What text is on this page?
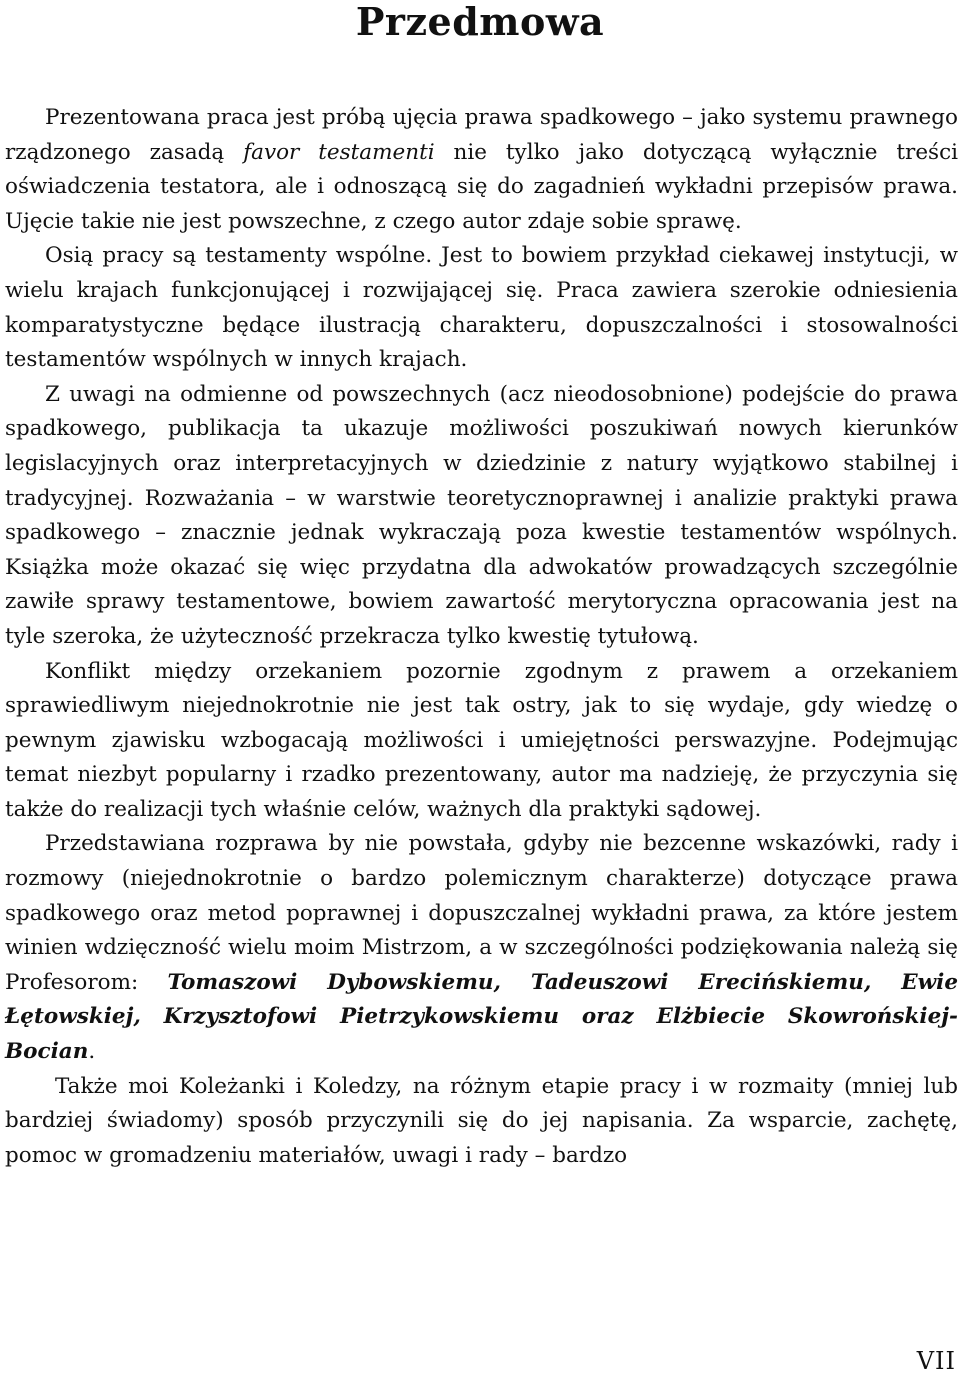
Przedmowa

Prezentowana praca jest próbą ujęcia prawa spadkowego – jako systemu prawnego rządzonego zasadą favor testamenti nie tylko jako dotyczącą wyłącznie treści oświadczenia testatora, ale i odnoszącą się do zagadnień wykładni przepisów prawa. Ujęcie takie nie jest powszechne, z czego autor zdaje sobie sprawę.

Osią pracy są testamenty wspólne. Jest to bowiem przykład ciekawej instytucji, w wielu krajach funkcjonującej i rozwijającej się. Praca zawiera szerokie odniesienia komparatystyczne będące ilustracją charakteru, dopuszczalności i stosowalności testamentów wspólnych w innych krajach.

Z uwagi na odmienne od powszechnych (acz nieodosobnione) podejście do prawa spadkowego, publikacja ta ukazuje możliwości poszukiwań nowych kierunków legislacyjnych oraz interpretacyjnych w dziedzinie z natury wyjątkowo stabilnej i tradycyjnej. Rozważania – w warstwie teoretycznoprawnej i analizie praktyki prawa spadkowego – znacznie jednak wykraczają poza kwestie testamentów wspólnych. Książka może okazać się więc przydatna dla adwokatów prowadzących szczególnie zawiłe sprawy testamentowe, bowiem zawartość merytoryczna opracowania jest na tyle szeroka, że użyteczność przekracza tylko kwestię tytułową.

Konflikt między orzekaniem pozornie zgodnym z prawem a orzekaniem sprawiedliwym niejednokrotnie nie jest tak ostry, jak to się wydaje, gdy wiedzę o pewnym zjawisku wzbogacają możliwości i umiejętności perswazyjne. Podejmując temat niezbyt popularny i rzadko prezentowany, autor ma nadzieję, że przyczynia się także do realizacji tych właśnie celów, ważnych dla praktyki sądowej.

Przedstawiana rozprawa by nie powstała, gdyby nie bezcenne wskazówki, rady i rozmowy (niejednokrotnie o bardzo polemicznym charakterze) dotyczące prawa spadkowego oraz metod poprawnej i dopuszczalnej wykładni prawa, za które jestem winien wdzięczność wielu moim Mistrzom, a w szczególności podziękowania należą się Profesorom: Tomaszowi Dybowskiemu, Tadeuszowi Erecińskiemu, Ewie Łętowskiej, Krzysztofowi Pietrzykowskiemu oraz Elżbiecie Skowrońskiej-Bocian.

Także moi Koleżanki i Koledzy, na różnym etapie pracy i w rozmaity (mniej lub bardziej świadomy) sposób przyczynili się do jej napisania. Za wsparcie, zachętę, pomoc w gromadzeniu materiałów, uwagi i rady – bardzo

VII
